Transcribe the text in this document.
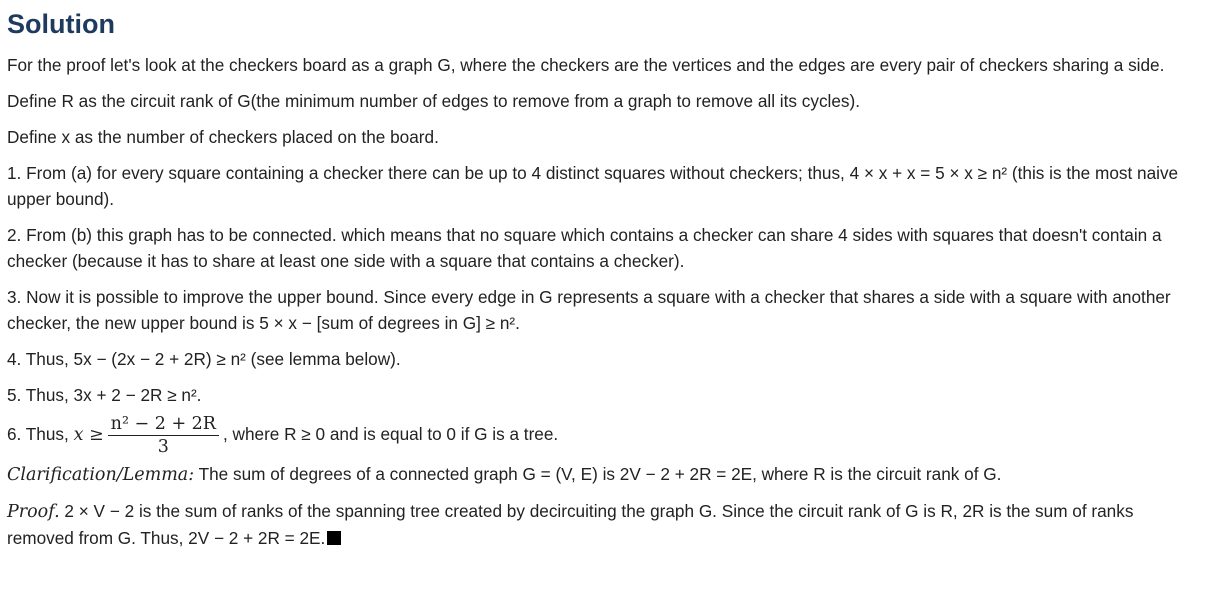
Solution

For the proof let's look at the checkers board as a graph G, where the checkers are the vertices and the edges are every pair of checkers sharing a side.

Define R as the circuit rank of G(the minimum number of edges to remove from a graph to remove all its cycles).

Define x as the number of checkers placed on the board.

1. From (a) for every square containing a checker there can be up to 4 distinct squares without checkers; thus, 4 × x + x = 5 × x ≥ n² (this is the most naive upper bound).

2. From (b) this graph has to be connected. which means that no square which contains a checker can share 4 sides with squares that doesn't contain a checker (because it has to share at least one side with a square that contains a checker).

3. Now it is possible to improve the upper bound. Since every edge in G represents a square with a checker that shares a side with a square with another checker, the new upper bound is 5 × x − [sum of degrees in G] ≥ n².

4. Thus, 5x − (2x − 2 + 2R) ≥ n² (see lemma below).

5. Thus, 3x + 2 − 2R ≥ n².

6. Thus, $x \ge \frac{\text{n² − 2 + 2R}}{3}$ , where R ≥ 0 and is equal to 0 if G is a tree.

Clarification/Lemma: The sum of degrees of a connected graph G = (V, E) is 2V − 2 + 2R = 2E, where R is the circuit rank of G.

Proof. 2 × V − 2 is the sum of ranks of the spanning tree created by decircuiting the graph G. Since the circuit rank of G is R, 2R is the sum of ranks removed from G. Thus, 2V − 2 + 2R = 2E.
